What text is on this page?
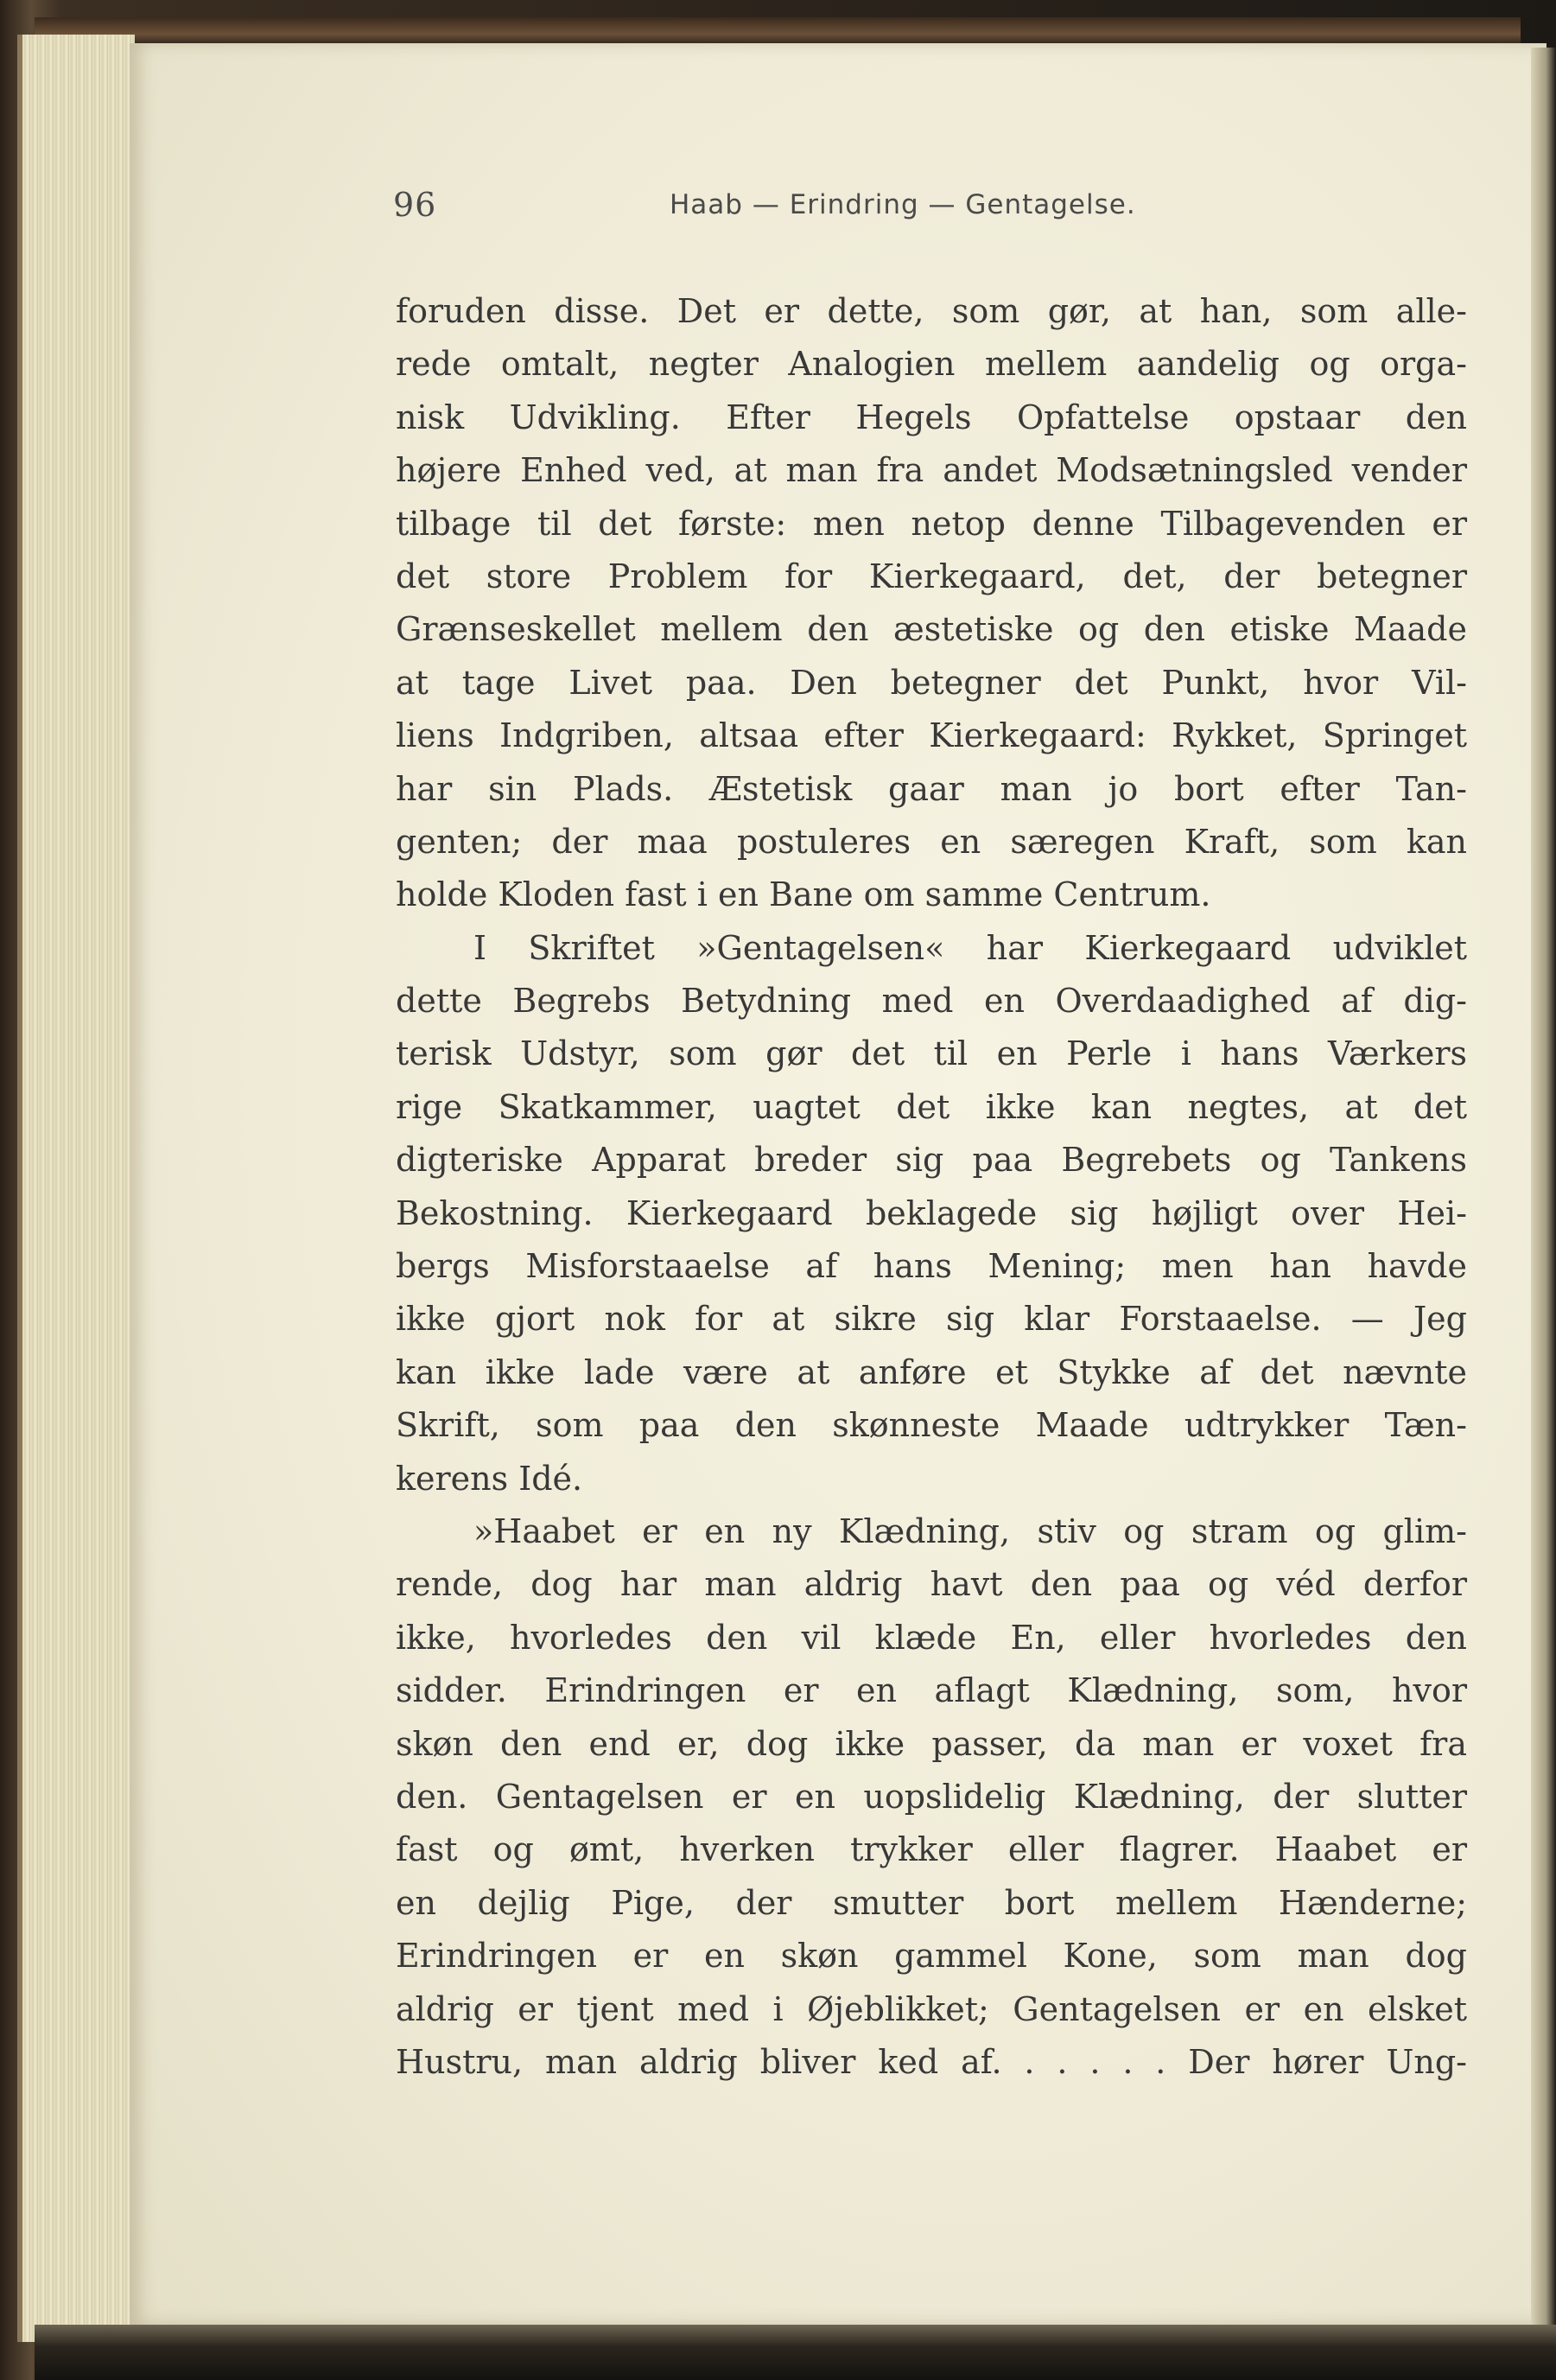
96	Haab — Erindring — Gentagelse.
foruden disse. Det er dette, som gør, at han, som alle-
rede omtalt, negter Analogien mellem aandelig og orga-
nisk Udvikling. Efter Hegels Opfattelse opstaar den
højere Enhed ved, at man fra andet Modsætningsled vender
tilbage til det første: men netop denne Tilbagevenden er
det store Problem for Kierkegaard, det, der betegner
Grænseskellet mellem den æstetiske og den etiske Maade
at tage Livet paa. Den betegner det Punkt, hvor Vil-
liens Indgriben, altsaa efter Kierkegaard: Rykket, Springet
har sin Plads. Æstetisk gaar man jo bort efter Tan-
genten; der maa postuleres en særegen Kraft, som kan
holde Kloden fast i en Bane om samme Centrum.
I Skriftet »Gentagelsen« har Kierkegaard udviklet
dette Begrebs Betydning med en Overdaadighed af dig-
terisk Udstyr, som gør det til en Perle i hans Værkers
rige Skatkammer, uagtet det ikke kan negtes, at det
digteriske Apparat breder sig paa Begrebets og Tankens
Bekostning. Kierkegaard beklagede sig højligt over Hei-
bergs Misforstaaelse af hans Mening; men han havde
ikke gjort nok for at sikre sig klar Forstaaelse. — Jeg
kan ikke lade være at anføre et Stykke af det nævnte
Skrift, som paa den skønneste Maade udtrykker Tæn-
kerens Idé.
»Haabet er en ny Klædning, stiv og stram og glim-
rende, dog har man aldrig havt den paa og véd derfor
ikke, hvorledes den vil klæde En, eller hvorledes den
sidder. Erindringen er en aflagt Klædning, som, hvor
skøn den end er, dog ikke passer, da man er voxet fra
den. Gentagelsen er en uopslidelig Klædning, der slutter
fast og ømt, hverken trykker eller flagrer. Haabet er
en dejlig Pige, der smutter bort mellem Hænderne;
Erindringen er en skøn gammel Kone, som man dog
aldrig er tjent med i Øjeblikket; Gentagelsen er en elsket
Hustru, man aldrig bliver ked af. . . . . . Der hører Ung-
